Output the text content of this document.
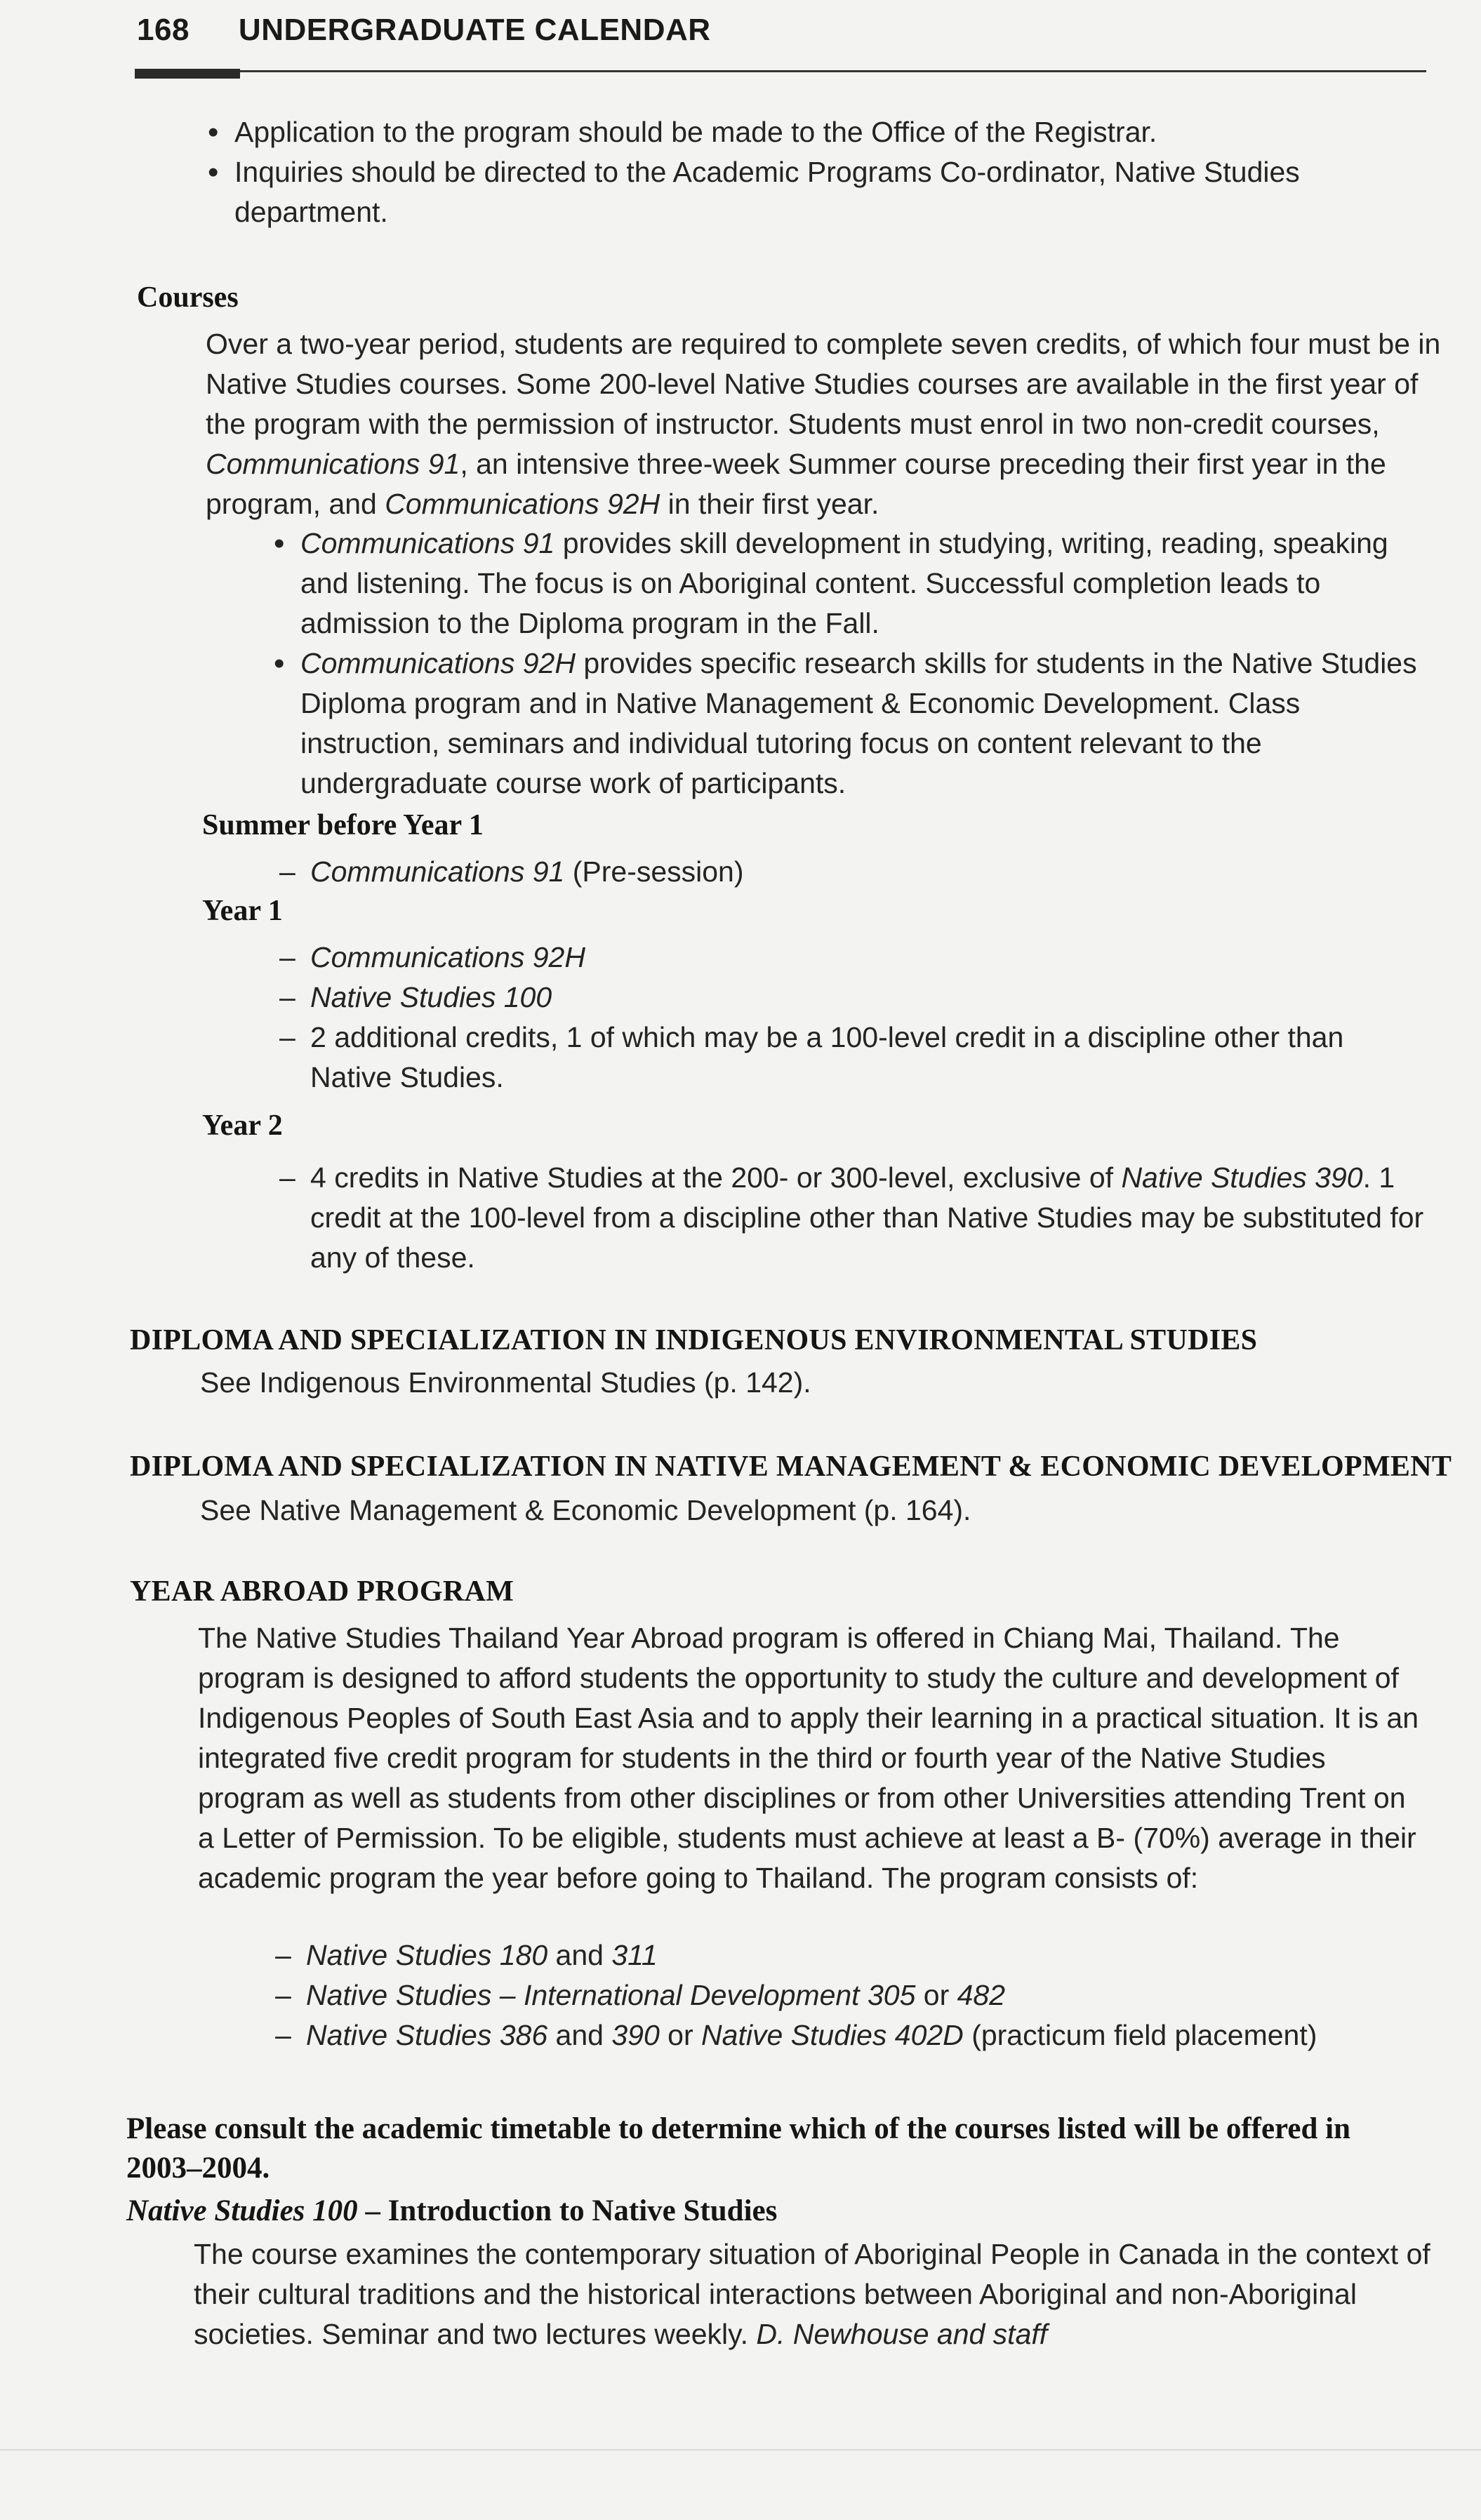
168 UNDERGRADUATE CALENDAR
• Application to the program should be made to the Office of the Registrar.
• Inquiries should be directed to the Academic Programs Co-ordinator, Native Studies department.
Courses

Over a two-year period, students are required to complete seven credits, of which four must be in Native Studies courses. Some 200-level Native Studies courses are available in the first year of the program with the permission of instructor. Students must enrol in two non-credit courses, Communications 91, an intensive three-week Summer course preceding their first year in the program, and Communications 92H in their first year.

• Communications 91 provides skill development in studying, writing, reading, speaking and listening. The focus is on Aboriginal content. Successful completion leads to admission to the Diploma program in the Fall.
• Communications 92H provides specific research skills for students in the Native Studies Diploma program and in Native Management & Economic Development. Class instruction, seminars and individual tutoring focus on content relevant to the undergraduate course work of participants.
Summer before Year 1
– Communications 91 (Pre-session)
Year 1
– Communications 92H
– Native Studies 100
– 2 additional credits, 1 of which may be a 100-level credit in a discipline other than Native Studies.
Year 2
– 4 credits in Native Studies at the 200- or 300-level, exclusive of Native Studies 390. 1 credit at the 100-level from a discipline other than Native Studies may be substituted for any of these.
DIPLOMA AND SPECIALIZATION IN INDIGENOUS ENVIRONMENTAL STUDIES

See Indigenous Environmental Studies (p. 142).

DIPLOMA AND SPECIALIZATION IN NATIVE MANAGEMENT & ECONOMIC DEVELOPMENT

See Native Management & Economic Development (p. 164).

YEAR ABROAD PROGRAM

The Native Studies Thailand Year Abroad program is offered in Chiang Mai, Thailand. The program is designed to afford students the opportunity to study the culture and development of Indigenous Peoples of South East Asia and to apply their learning in a practical situation. It is an integrated five credit program for students in the third or fourth year of the Native Studies program as well as students from other disciplines or from other Universities attending Trent on a Letter of Permission. To be eligible, students must achieve at least a B- (70%) average in their academic program the year before going to Thailand. The program consists of:

– Native Studies 180 and 311
– Native Studies – International Development 305 or 482
– Native Studies 386 and 390 or Native Studies 402D (practicum field placement)

Please consult the academic timetable to determine which of the courses listed will be offered in 2003–2004.

Native Studies 100 – Introduction to Native Studies

The course examines the contemporary situation of Aboriginal People in Canada in the context of their cultural traditions and the historical interactions between Aboriginal and non-Aboriginal societies. Seminar and two lectures weekly. D. Newhouse and staff
